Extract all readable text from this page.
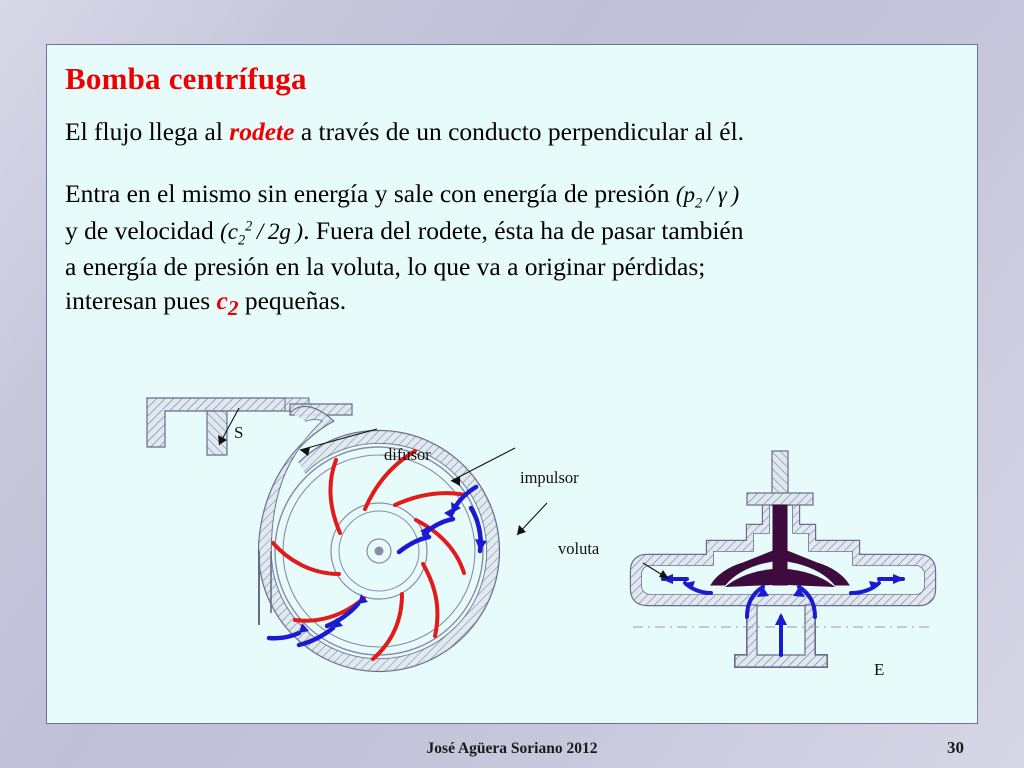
Bomba centrífuga
El flujo llega al rodete a través de un conducto perpendicular al él.
Entra en el mismo sin energía y sale con energía de presión ($p_2$ / γ )
y de velocidad ($c_2^2 / 2g$ ). Fuera del rodete, ésta ha de pasar también
a energía de presión en la voluta, lo que va a originar pérdidas;
interesan pues $c_2$ pequeñas.
S
difusor
impulsor
voluta
E
José Agüera Soriano 2012	30
